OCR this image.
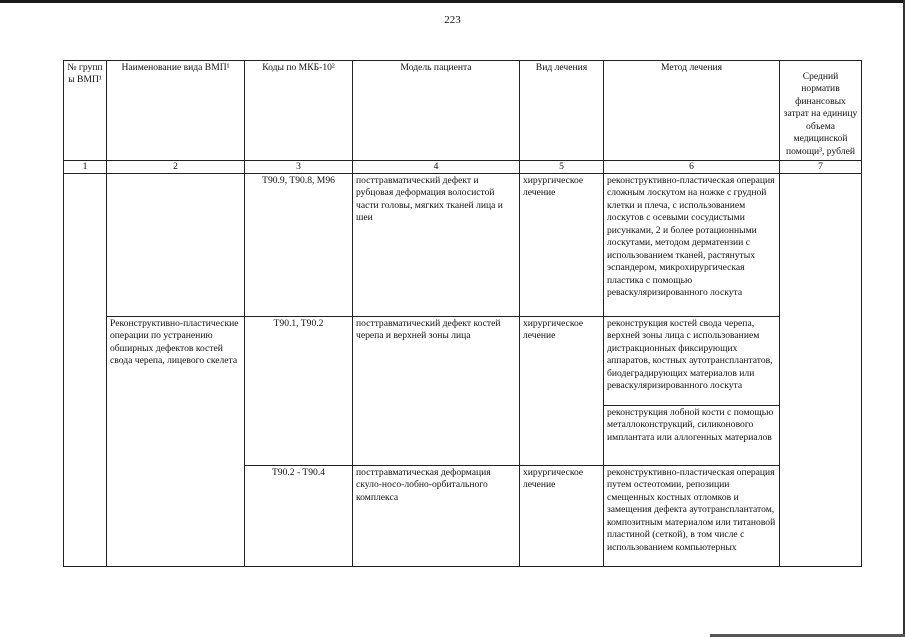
223
№ групп ы ВМП¹	Наименование вида ВМП¹	Коды по МКБ-10²	Модель пациента	Вид лечения	Метод лечения	Средний норматив финансовых затрат на единицу объема медицинской помощи³, рублей
1	2	3	4	5	6	7
		T90.9, T90.8, M96	посттравматический дефект и рубцовая деформация волосистой части головы, мягких тканей лица и шеи	хирургическое лечение	реконструктивно-пластическая операция сложным лоскутом на ножке с грудной клетки и плеча, с использованием лоскутов с осевыми сосудистыми рисунками, 2 и более ротационными лоскутами, методом дерматензии с использованием тканей, растянутых эспандером, микрохирургическая пластика с помощью реваскуляризированного лоскута	
	Реконструктивно-пластические операции по устранению обширных дефектов костей свода черепа, лицевого скелета	T90.1, T90.2	посттравматический дефект костей черепа и верхней зоны лица	хирургическое лечение	реконструкция костей свода черепа, верхней зоны лица с использованием дистракционных фиксирующих аппаратов, костных аутотрансплантатов, биодеградирующих материалов или реваскуляризированного лоскута	
					реконструкция лобной кости с помощью металлоконструкций, силиконового имплантата или аллогенных материалов	
		T90.2 - T90.4	посттравматическая деформация скуло-носо-лобно-орбитального комплекса	хирургическое лечение	реконструктивно-пластическая операция путем остеотомии, репозиции смещенных костных отломков и замещения дефекта аутотрансплантатом, композитным материалом или титановой пластиной (сеткой), в том числе с использованием компьютерных	
